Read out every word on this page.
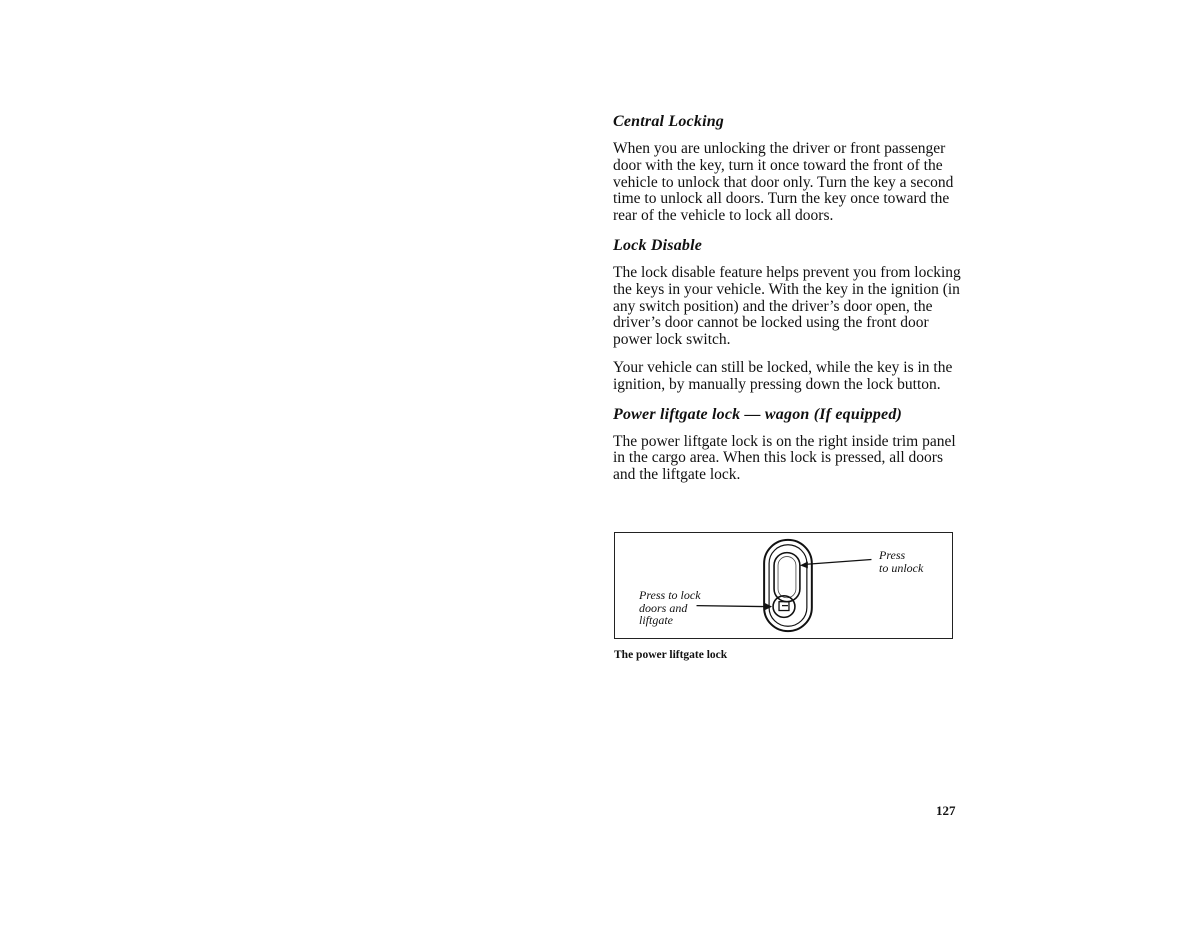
Central Locking

When you are unlocking the driver or front passenger door with the key, turn it once toward the front of the vehicle to unlock that door only. Turn the key a second time to unlock all doors. Turn the key once toward the rear of the vehicle to lock all doors.

Lock Disable

The lock disable feature helps prevent you from locking the keys in your vehicle. With the key in the ignition (in any switch position) and the driver’s door open, the driver’s door cannot be locked using the front door power lock switch.

Your vehicle can still be locked, while the key is in the ignition, by manually pressing down the lock button.

Power liftgate lock — wagon (If equipped)

The power liftgate lock is on the right inside trim panel in the cargo area. When this lock is pressed, all doors and the liftgate lock.

Press to lock
doors and
liftgate
Press
to unlock
The power liftgate lock
127
